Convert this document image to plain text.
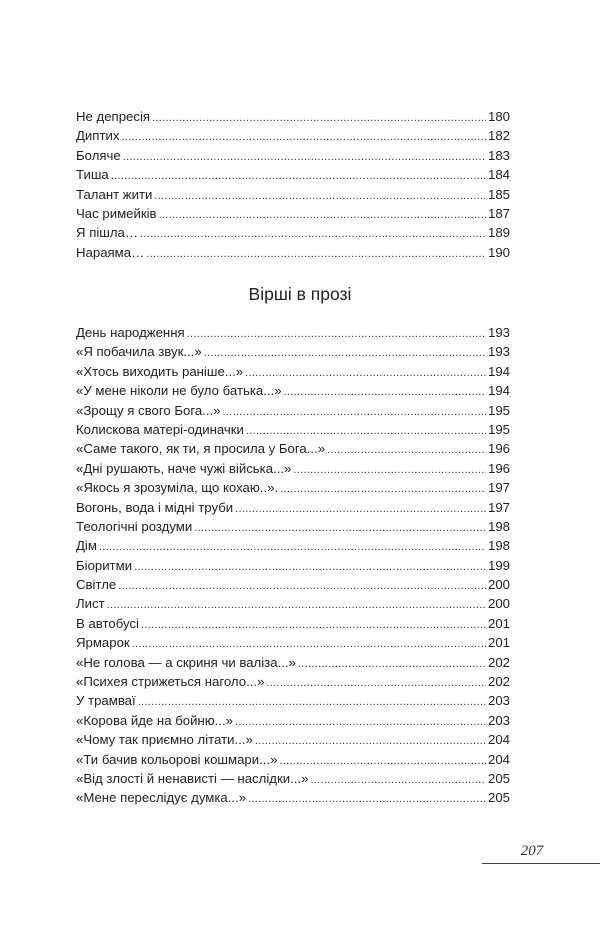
Не депресія .....	180
Диптих .....	182
Боляче .....	183
Тиша .....	184
Талант жити .....	185
Час римейків .....	187
Я пішла… .....	189
Нараяма… .....	190
Вірші в прозі
День народження .....	193
«Я побачила звук...» .....	193
«Хтось виходить раніше...» .....	194
«У мене ніколи не було батька...» .....	194
«Зрощу я свого Бога...» .....	195
Колискова матері-одиначки .....	195
«Саме такого, як ти, я просила у Бога...» .....	196
«Дні рушають, наче чужі війська...» .....	196
«Якось я зрозуміла, що кохаю..». .....	197
Вогонь, вода і мідні труби .....	197
Теологічні роздуми .....	198
Дім .....	198
Біоритми .....	199
Світле .....	200
Лист .....	200
В автобусі .....	201
Ярмарок .....	201
«Не голова — а скриня чи валіза...» .....	202
«Психея стрижеться наголо...» .....	202
У трамваї .....	203
«Корова йде на бойню...» .....	203
«Чому так приємно літати...» .....	204
«Ти бачив кольорові кошмари...» .....	204
«Від злості й ненависті — наслідки...» .....	205
«Мене переслідує думка...» .....	205
207
